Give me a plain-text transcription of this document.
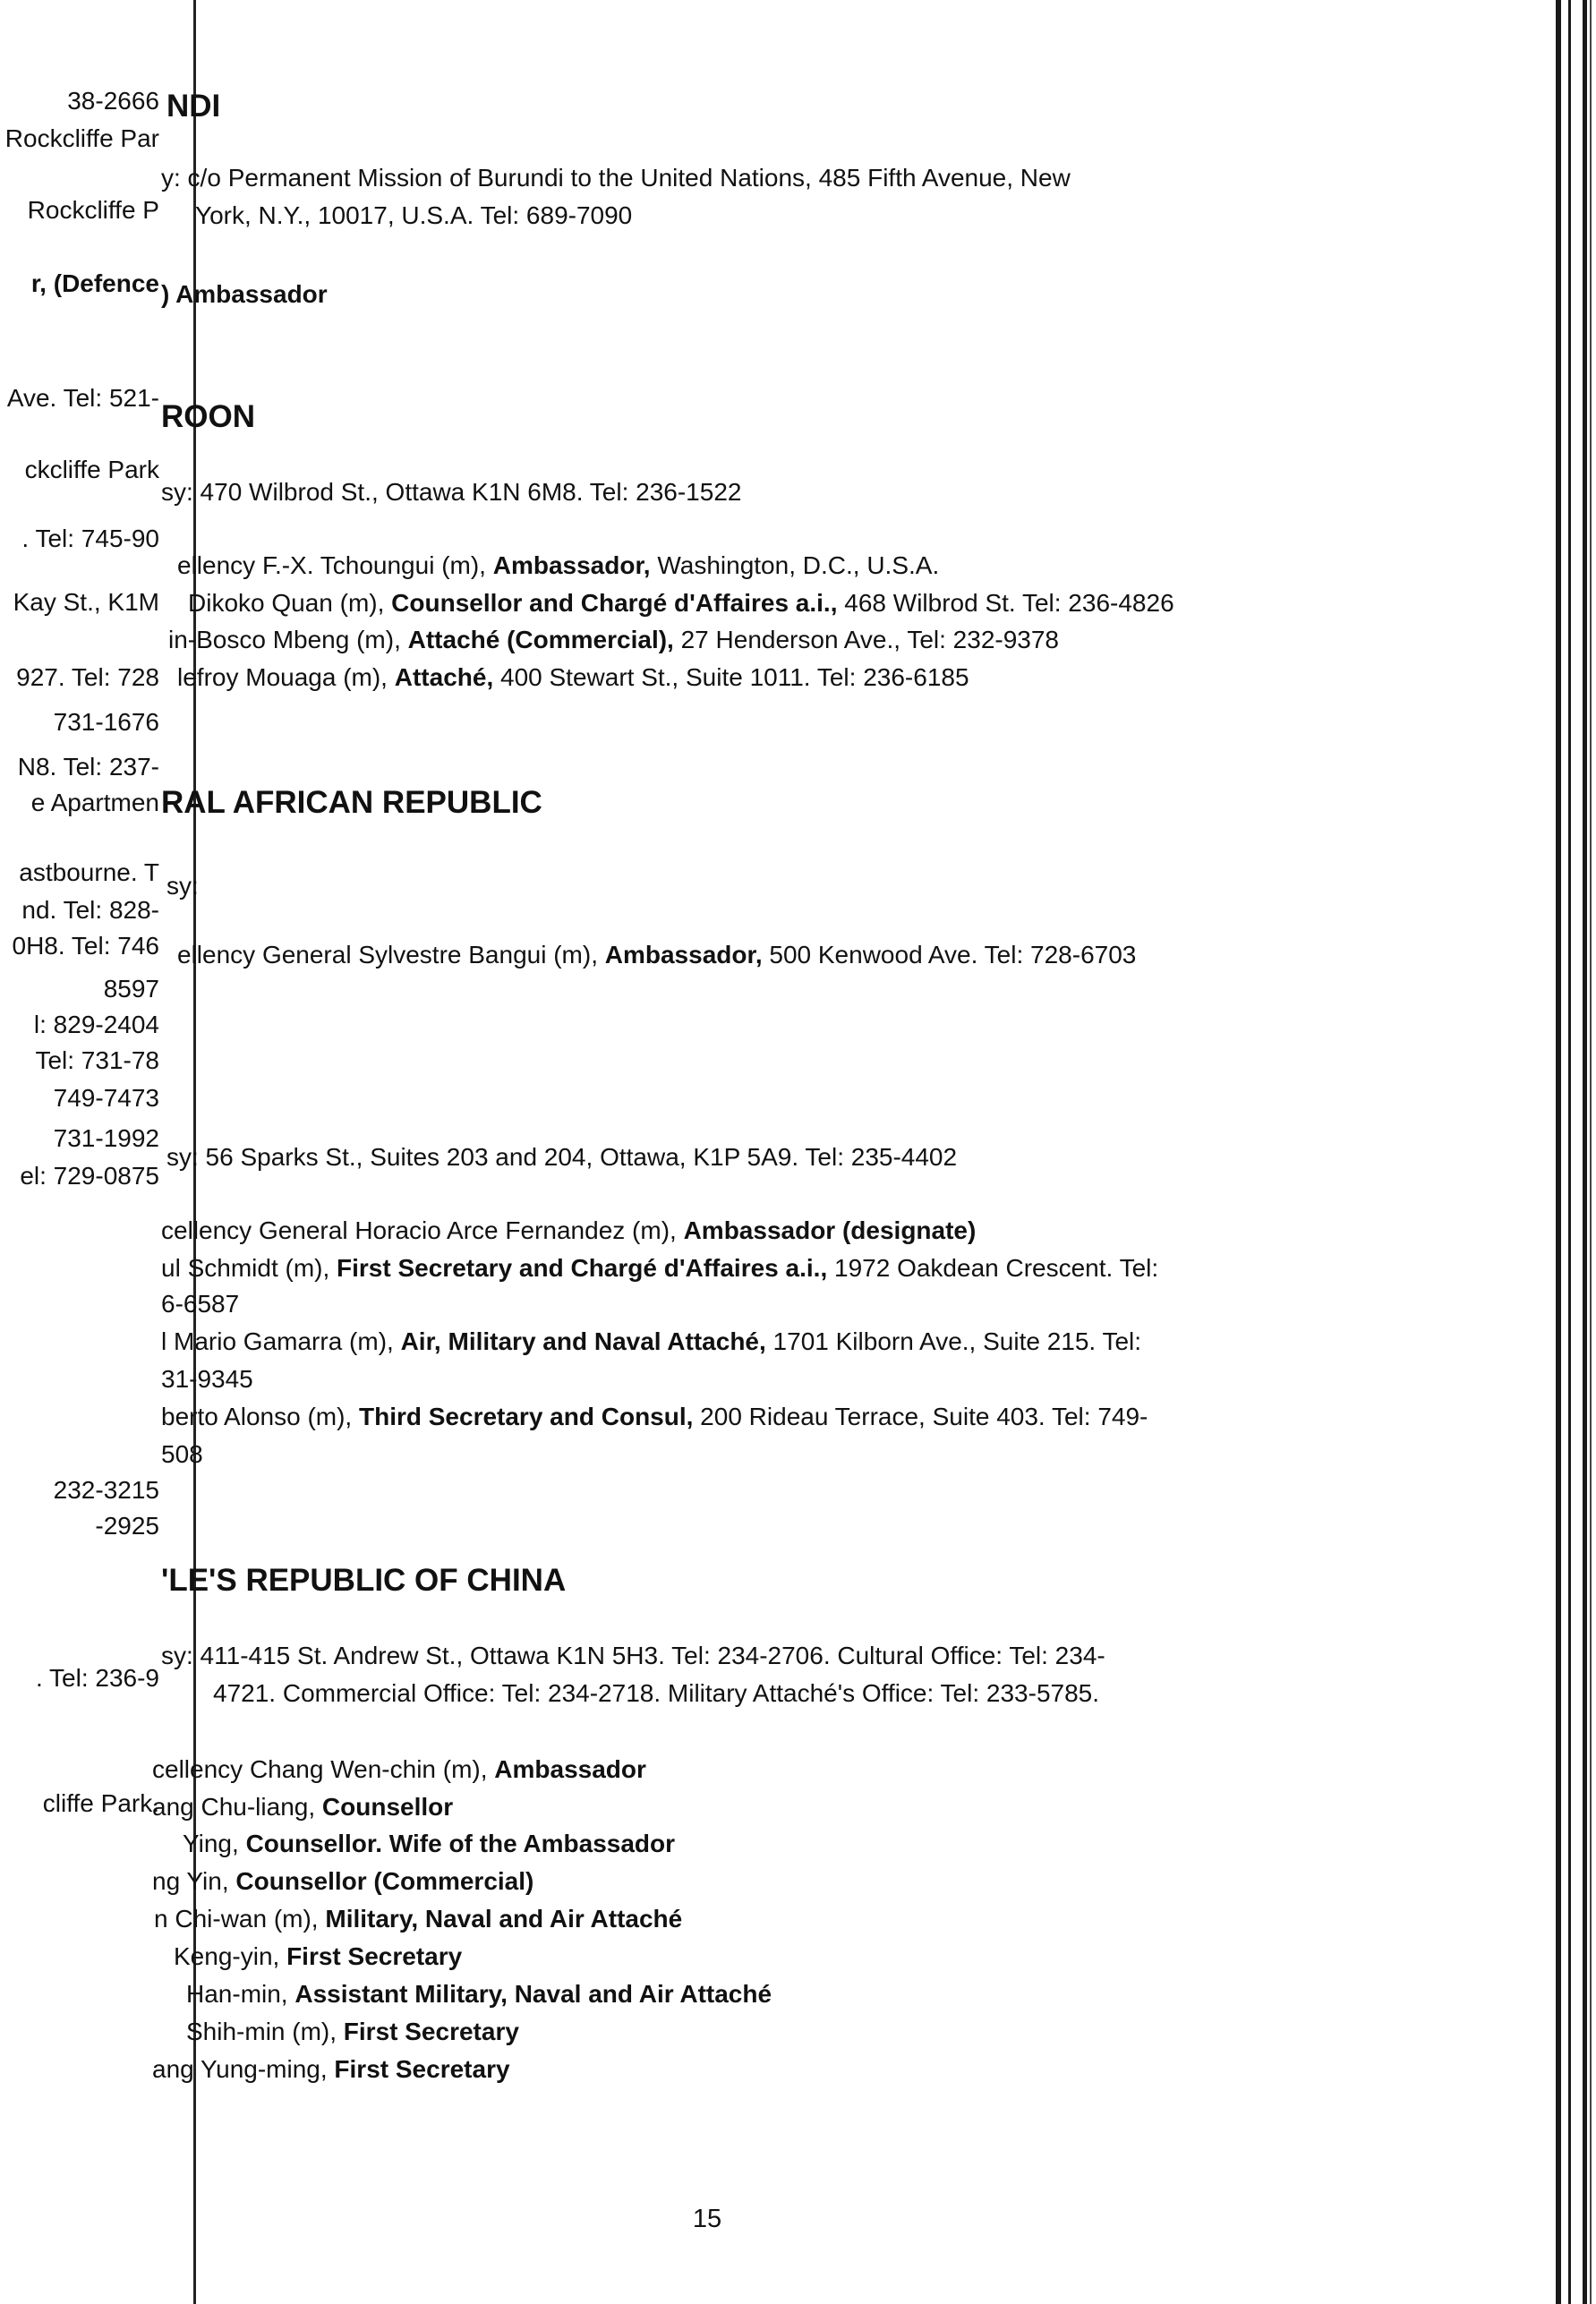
38-2666
Rockcliffe Par
Rockcliffe P
r, (Defence
Ave. Tel: 521-
ckcliffe Park
. Tel: 745-90
Kay St., K1M
927. Tel: 728
731-1676
N8. Tel: 237-
e Apartmen
astbourne. T
nd. Tel: 828-
0H8. Tel: 746
8597
l: 829-2404
Tel: 731-78
749-7473
731-1992
el: 729-0875
232-3215
-2925
. Tel: 236-9
cliffe Park.
NDI
y: c/o Permanent Mission of Burundi to the United Nations, 485 Fifth Avenue, New
York, N.Y., 10017, U.S.A. Tel: 689-7090
) Ambassador
ROON
sy: 470 Wilbrod St., Ottawa K1N 6M8. Tel: 236-1522
ellency F.-X. Tchoungui (m), Ambassador, Washington, D.C., U.S.A.
Dikoko Quan (m), Counsellor and Chargé d'Affaires a.i., 468 Wilbrod St. Tel: 236-4826
in-Bosco Mbeng (m), Attaché (Commercial), 27 Henderson Ave., Tel: 232-9378
lefroy Mouaga (m), Attaché, 400 Stewart St., Suite 1011. Tel: 236-6185
RAL AFRICAN REPUBLIC
sy:
ellency General Sylvestre Bangui (m), Ambassador, 500 Kenwood Ave. Tel: 728-6703
sy: 56 Sparks St., Suites 203 and 204, Ottawa, K1P 5A9. Tel: 235-4402
cellency General Horacio Arce Fernandez (m), Ambassador (designate)
ul Schmidt (m), First Secretary and Chargé d'Affaires a.i., 1972 Oakdean Crescent. Tel:
6-6587
l Mario Gamarra (m), Air, Military and Naval Attaché, 1701 Kilborn Ave., Suite 215. Tel:
31-9345
berto Alonso (m), Third Secretary and Consul, 200 Rideau Terrace, Suite 403. Tel: 749-
508
'LE'S REPUBLIC OF CHINA
sy: 411-415 St. Andrew St., Ottawa K1N 5H3. Tel: 234-2706. Cultural Office: Tel: 234-
4721. Commercial Office: Tel: 234-2718. Military Attaché's Office: Tel: 233-5785.
cellency Chang Wen-chin (m), Ambassador
ang Chu-liang, Counsellor
Ying, Counsellor. Wife of the Ambassador
ng Yin, Counsellor (Commercial)
n Chi-wan (m), Military, Naval and Air Attaché
Keng-yin, First Secretary
Han-min, Assistant Military, Naval and Air Attaché
Shih-min (m), First Secretary
ang Yung-ming, First Secretary
15
